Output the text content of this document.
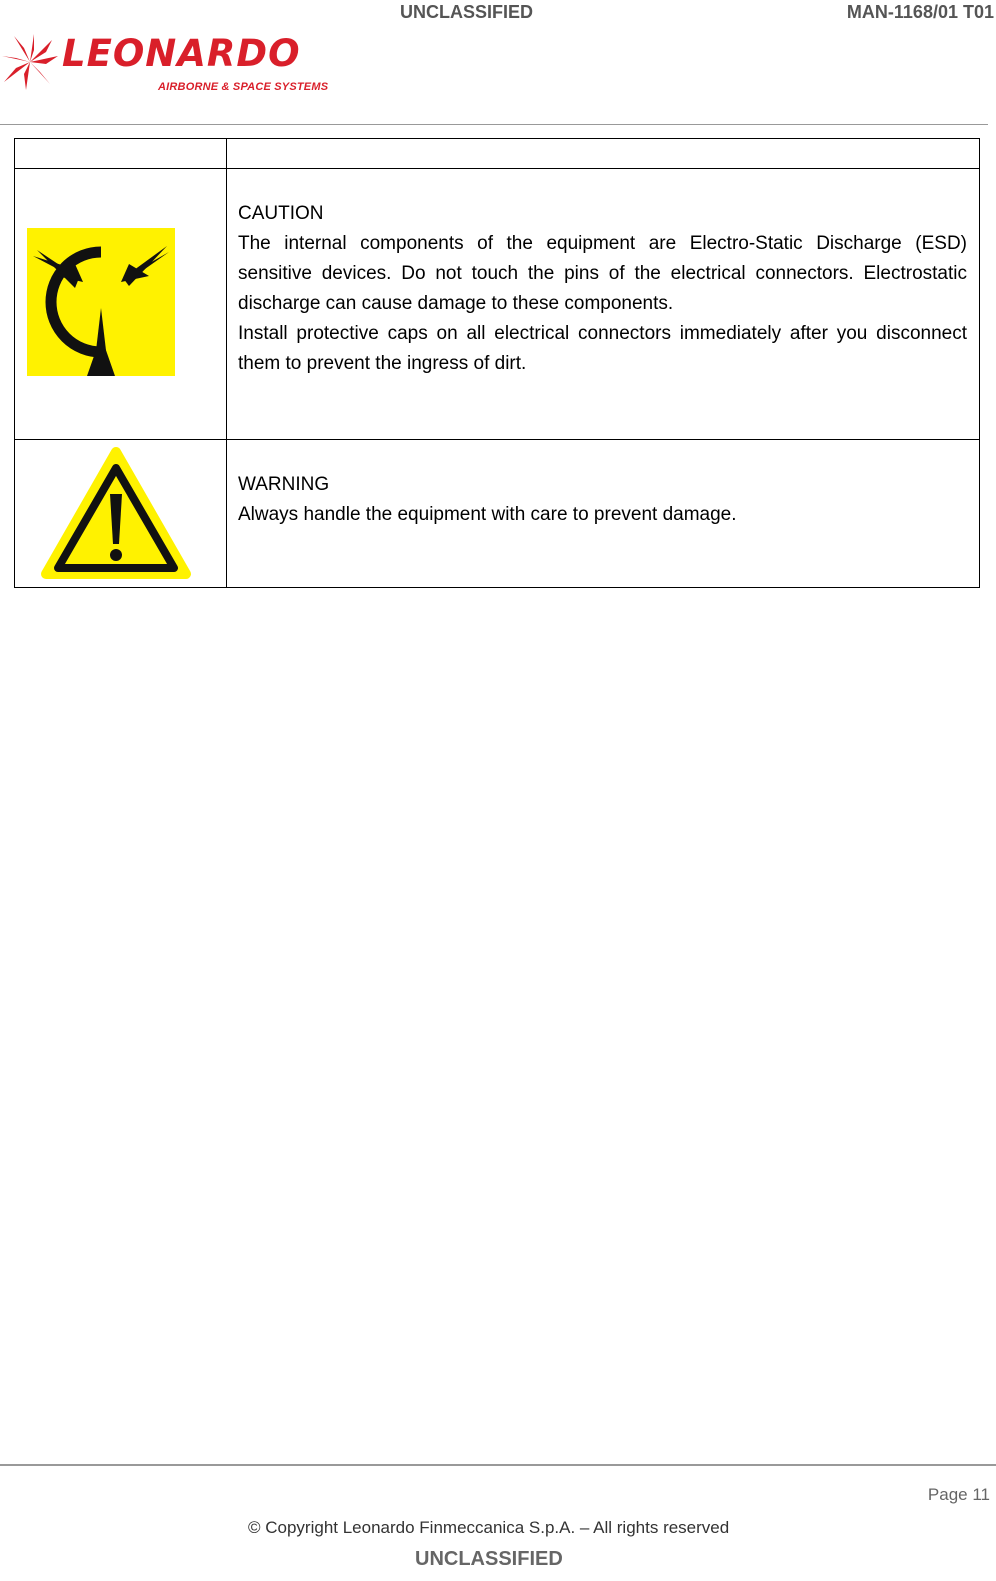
UNCLASSIFIED	MAN-1168/01 T01
LEONARDO
AIRBORNE & SPACE SYSTEMS

CAUTION

The internal components of the equipment are Electro-Static Discharge (ESD) sensitive devices. Do not touch the pins of the electrical connectors. Electrostatic discharge can cause damage to these components.

Install protective caps on all electrical connectors immediately after you disconnect them to prevent the ingress of dirt.

WARNING

Always handle the equipment with care to prevent damage.

Page 11
© Copyright Leonardo Finmeccanica S.p.A. – All rights reserved
UNCLASSIFIED
